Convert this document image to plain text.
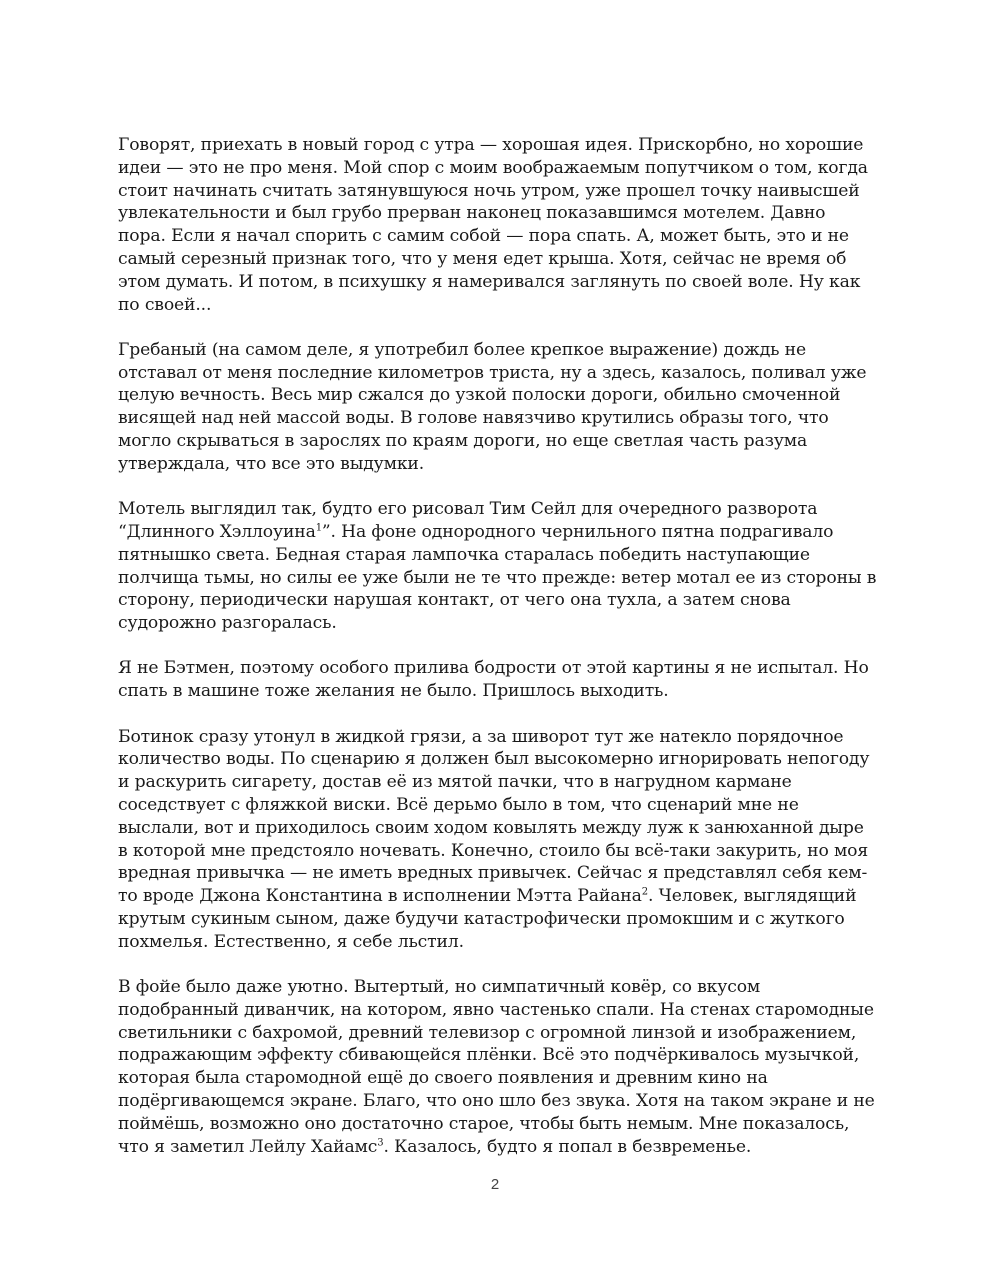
Говорят, приехать в новый город с утра — хорошая идея. Прискорбно, но хорошие идеи — это не про меня. Мой спор с моим воображаемым попутчиком о том, когда стоит начинать считать затянувшуюся ночь утром, уже прошел точку наивысшей увлекательности и был грубо прерван наконец показавшимся мотелем. Давно пора. Если я начал спорить с самим собой — пора спать. А, может быть, это и не самый серезный признак того, что у меня едет крыша. Хотя, сейчас не время об этом думать. И потом, в психушку я намеривался заглянуть по своей воле. Ну как по своей...

Гребаный (на самом деле, я употребил более крепкое выражение) дождь не отставал от меня последние километров триста, ну а здесь, казалось, поливал уже целую вечность. Весь мир сжался до узкой полоски дороги, обильно смоченной висящей над ней массой воды. В голове навязчиво крутились образы того, что могло скрываться в зарослях по краям дороги, но еще светлая часть разума утверждала, что все это выдумки.

Мотель выглядил так, будто его рисовал Тим Сейл для очередного разворота “Длинного Хэллоуина$^1$”. На фоне однородного чернильного пятна подрагивало пятнышко света. Бедная старая лампочка старалась победить наступающие полчища тьмы, но силы ее уже были не те что прежде: ветер мотал ее из стороны в сторону, периодически нарушая контакт, от чего она тухла, а затем снова судорожно разгоралась.

Я не Бэтмен, поэтому особого прилива бодрости от этой картины я не испытал. Но спать в машине тоже желания не было. Пришлось выходить.

Ботинок сразу утонул в жидкой грязи, а за шиворот тут же натекло порядочное количество воды. По сценарию я должен был высокомерно игнорировать непогоду и раскурить сигарету, достав её из мятой пачки, что в нагрудном кармане соседствует с фляжкой виски. Всё дерьмо было в том, что сценарий мне не выслали, вот и приходилось своим ходом ковылять между луж к занюханной дыре в которой мне предстояло ночевать. Конечно, стоило бы всё-таки закурить, но моя вредная привычка — не иметь вредных привычек. Сейчас я представлял себя кем-то вроде Джона Константина в исполнении Мэтта Райана$^2$. Человек, выглядящий крутым сукиным сыном, даже будучи катастрофически промокшим и с жуткого похмелья. Естественно, я себе льстил.

В фойе было даже уютно. Вытертый, но симпатичный ковёр, со вкусом подобранный диванчик, на котором, явно частенько спали. На стенах старомодные светильники с бахромой, древний телевизор с огромной линзой и изображением, подражающим эффекту сбивающейся плёнки. Всё это подчёркивалось музычкой, которая была старомодной ещё до своего появления и древним кино на подёргивающемся экране. Благо, что оно шло без звука. Хотя на таком экране и не поймёшь, возможно оно достаточно старое, чтобы быть немым. Мне показалось, что я заметил Лейлу Хайамс$^3$. Казалось, будто я попал в безвременье.

2
